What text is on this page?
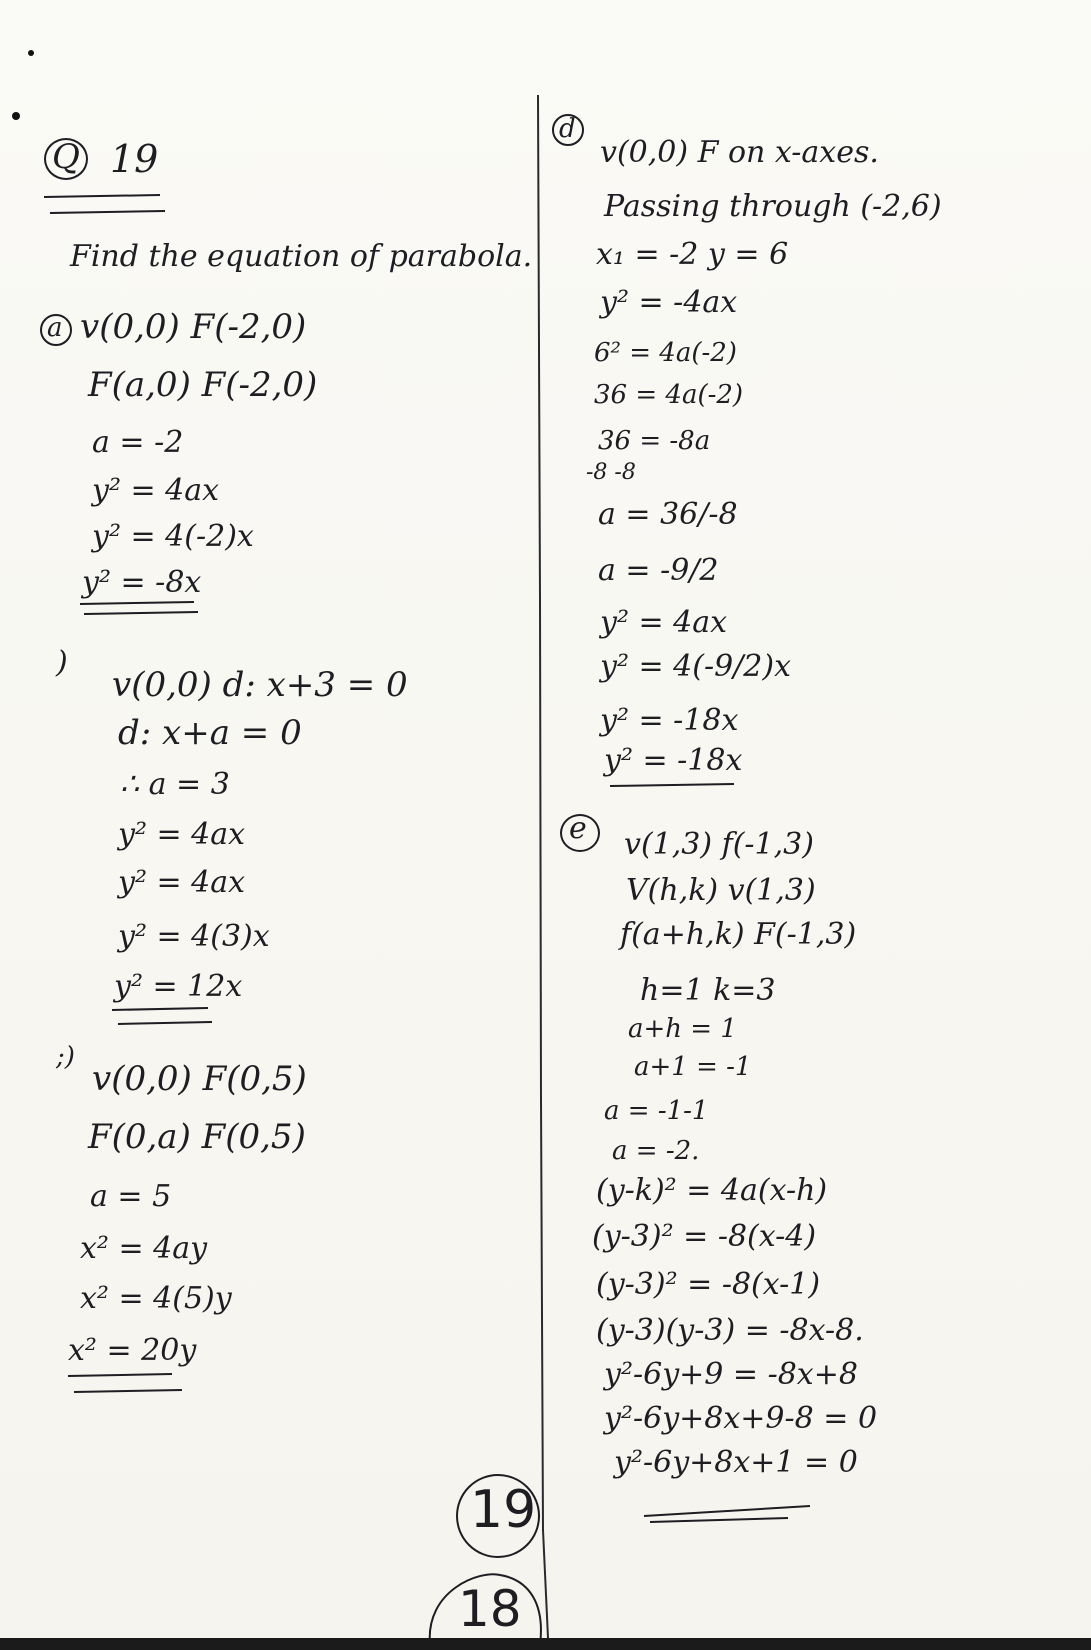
Q 19
Find the equation of parabola.
a v(0,0) F(-2,0)
F(a,0) F(-2,0)
a = -2
y² = 4ax
y² = 4(-2)x
y² = -8x
)
v(0,0) d: x+3 = 0
d: x+a = 0
∴ a = 3
y² = 4ax
y² = 4ax
y² = 4(3)x
y² = 12x
;)
v(0,0) F(0,5)
F(0,a) F(0,5)
a = 5
x² = 4ay
x² = 4(5)y
x² = 20y
d
v(0,0) F on x-axes.
Passing through (-2,6)
x₁ = -2 y = 6
y² = -4ax
6² = 4a(-2)
36 = 4a(-2)
36 = -8a
-8 -8
a = 36/-8
a = -9/2
y² = 4ax
y² = 4(-9/2)x
y² = -18x
y² = -18x
e v(1,3) f(-1,3)
V(h,k) v(1,3)
f(a+h,k) F(-1,3)
h=1 k=3
a+h = 1
a+1 = -1
a = -1-1
a = -2.
(y-k)² = 4a(x-h)
(y-3)² = -8(x-4)
(y-3)² = -8(x-1)
(y-3)(y-3) = -8x-8.
y²-6y+9 = -8x+8
y²-6y+8x+9-8 = 0
y²-6y+8x+1 = 0
19
18
